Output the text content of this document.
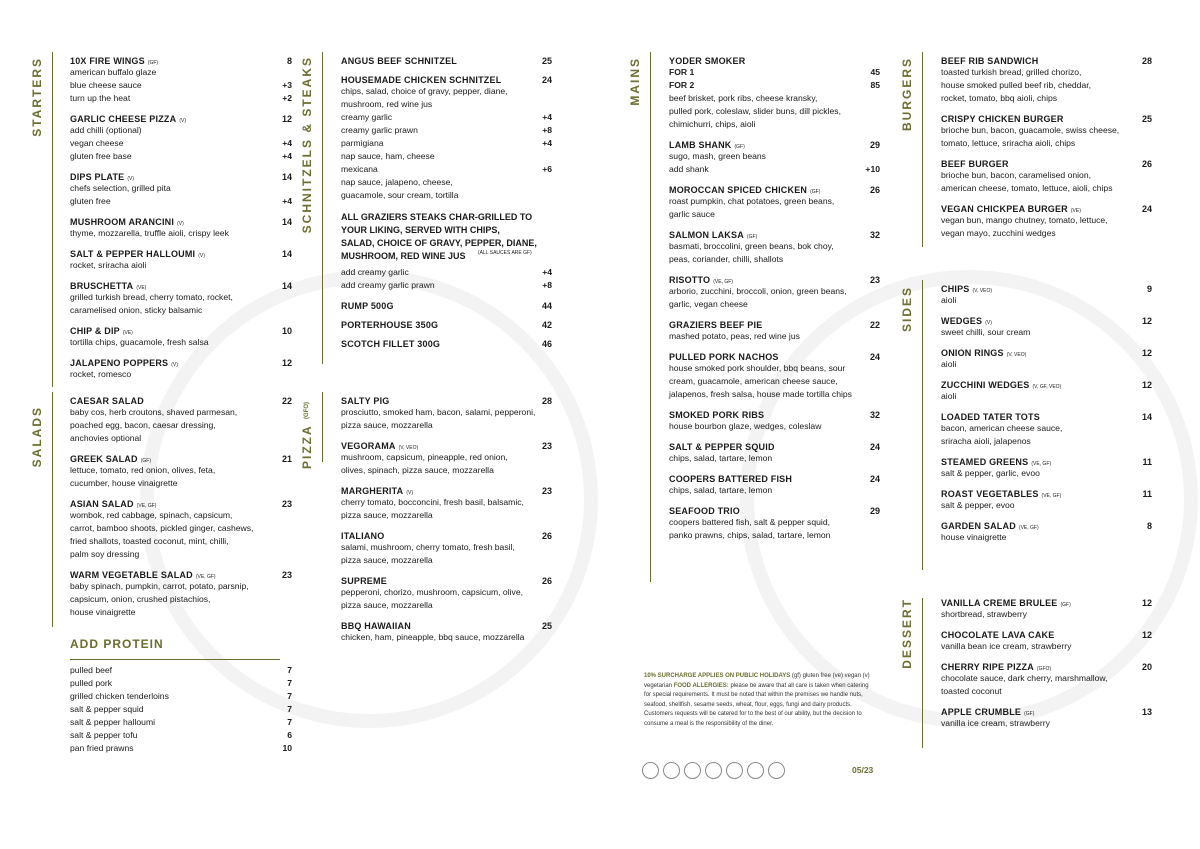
STARTERS	10X FIRE WINGS (GF)	8
american buffalo glaze
blue cheese sauce	+3
turn up the heat	+2
GARLIC CHEESE PIZZA (V)	12
add chilli (optional)
vegan cheese	+4
gluten free base	+4
DIPS PLATE (V)	14
chefs selection, grilled pita
gluten free	+4
MUSHROOM ARANCINI (V)	14
thyme, mozzarella, truffle aioli, crispy leek
SALT & PEPPER HALLOUMI (V)	14
rocket, sriracha aioli
BRUSCHETTA (VE)	14
grilled turkish bread, cherry tomato, rocket,
caramelised onion, sticky balsamic
CHIP & DIP (VE)	10
tortilla chips, guacamole, fresh salsa
JALAPENO POPPERS (V)	12
rocket, romesco
SALADS
CAESAR SALAD	22
baby cos, herb croutons, shaved parmesan,
poached egg, bacon, caesar dressing,
anchovies optional
GREEK SALAD (GF)	21
lettuce, tomato, red onion, olives, feta,
cucumber, house vinaigrette
ASIAN SALAD (VE, GF)	23
wombok, red cabbage, spinach, capsicum,
carrot, bamboo shoots, pickled ginger, cashews,
fried shallots, toasted coconut, mint, chilli,
palm soy dressing
WARM VEGETABLE SALAD (VE, GF)	23
baby spinach, pumpkin, carrot, potato, parsnip,
capsicum, onion, crushed pistachios,
house vinaigrette
ADD PROTEIN
pulled beef	7
pulled pork	7
grilled chicken tenderloins	7
salt & pepper squid	7
salt & pepper halloumi	7
salt & pepper tofu	6
pan fried prawns	10
SCHNITZELS & STEAKS	ANGUS BEEF SCHNITZEL	25
HOUSEMADE CHICKEN SCHNITZEL	24
chips, salad, choice of gravy, pepper, diane,
mushroom, red wine jus
creamy garlic	+4
creamy garlic prawn	+8
parmigiana	+4
nap sauce, ham, cheese
mexicana	+6
nap sauce, jalapeno, cheese,
guacamole, sour cream, tortilla
ALL GRAZIERS STEAKS CHAR-GRILLED TO
YOUR LIKING, SERVED WITH CHIPS,
SALAD, CHOICE OF GRAVY, PEPPER, DIANE,
MUSHROOM, RED WINE JUS	(ALL SAUCES ARE GF)
add creamy garlic	+4
add creamy garlic prawn	+8
RUMP 500G	44
PORTERHOUSE 350G	42
SCOTCH FILLET 300G	46
PIZZA (GFO)
SALTY PIG	28
prosciutto, smoked ham, bacon, salami, pepperoni,
pizza sauce, mozzarella
VEGORAMA (V, VEO)	23
mushroom, capsicum, pineapple, red onion,
olives, spinach, pizza sauce, mozzarella
MARGHERITA (V)	23
cherry tomato, bocconcini, fresh basil, balsamic,
pizza sauce, mozzarella
ITALIANO	26
salami, mushroom, cherry tomato, fresh basil,
pizza sauce, mozzarella
SUPREME	26
pepperoni, chorizo, mushroom, capsicum, olive,
pizza sauce, mozzarella
BBQ HAWAIIAN	25
chicken, ham, pineapple, bbq sauce, mozzarella
MAINS	YODER SMOKER
FOR 1	45
FOR 2	85
beef brisket, pork ribs, cheese kransky,
pulled pork, coleslaw, slider buns, dill pickles,
chimichurri, chips, aioli
LAMB SHANK (GF)	29
sugo, mash, green beans
add shank	+10
MOROCCAN SPICED CHICKEN (GF)	26
roast pumpkin, chat potatoes, green beans,
garlic sauce
SALMON LAKSA (GF)	32
basmati, broccolini, green beans, bok choy,
peas, coriander, chilli, shallots
RISOTTO (VE, GF)	23
arborio, zucchini, broccoli, onion, green beans,
garlic, vegan cheese
GRAZIERS BEEF PIE	22
mashed potato, peas, red wine jus
PULLED PORK NACHOS	24
house smoked pork shoulder, bbq beans, sour
cream, guacamole, american cheese sauce,
jalapenos, fresh salsa, house made tortilla chips
SMOKED PORK RIBS	32
house bourbon glaze, wedges, coleslaw
SALT & PEPPER SQUID	24
chips, salad, tartare, lemon
COOPERS BATTERED FISH	24
chips, salad, tartare, lemon
SEAFOOD TRIO	29
coopers battered fish, salt & pepper squid,
panko prawns, chips, salad, tartare, lemon
BURGERS	BEEF RIB SANDWICH	28
toasted turkish bread, grilled chorizo,
house smoked pulled beef rib, cheddar,
rocket, tomato, bbq aioli, chips
CRISPY CHICKEN BURGER	25
brioche bun, bacon, guacamole, swiss cheese,
tomato, lettuce, sriracha aioli, chips
BEEF BURGER	26
brioche bun, bacon, caramelised onion,
american cheese, tomato, lettuce, aioli, chips
VEGAN CHICKPEA BURGER (VE)	24
vegan bun, mango chutney, tomato, lettuce,
vegan mayo, zucchini wedges
SIDES	CHIPS (V, VEO)	9
aioli
WEDGES (V)	12
sweet chilli, sour cream
ONION RINGS (V, VEO)	12
aioli
ZUCCHINI WEDGES (V, GF, VEO)	12
aioli
LOADED TATER TOTS	14
bacon, american cheese sauce,
sriracha aioli, jalapenos
STEAMED GREENS (VE, GF)	11
salt & pepper, garlic, evoo
ROAST VEGETABLES (VE, GF)	11
salt & pepper, evoo
GARDEN SALAD (VE, GF)	8
house vinaigrette
DESSERT	VANILLA CREME BRULEE (GF)	12
shortbread, strawberry
CHOCOLATE LAVA CAKE	12
vanilla bean ice cream, strawberry
CHERRY RIPE PIZZA (GFO)	20
chocolate sauce, dark cherry, marshmallow,
toasted coconut
APPLE CRUMBLE (GF)	13
vanilla ice cream, strawberry
10% SURCHARGE APPLIES ON PUBLIC HOLIDAYS (gf) gluten free (ve) vegan (v) vegetarian FOOD ALLERGIES: please be aware that all care is taken when catering for special requirements. It must be noted that within the premises we handle nuts, seafood, shellfish, sesame seeds, wheat, flour, eggs, fungi and dairy products. Customers requests will be catered for to the best of our ability, but the decision to consume a meal is the responsibility of the diner.
05/23
